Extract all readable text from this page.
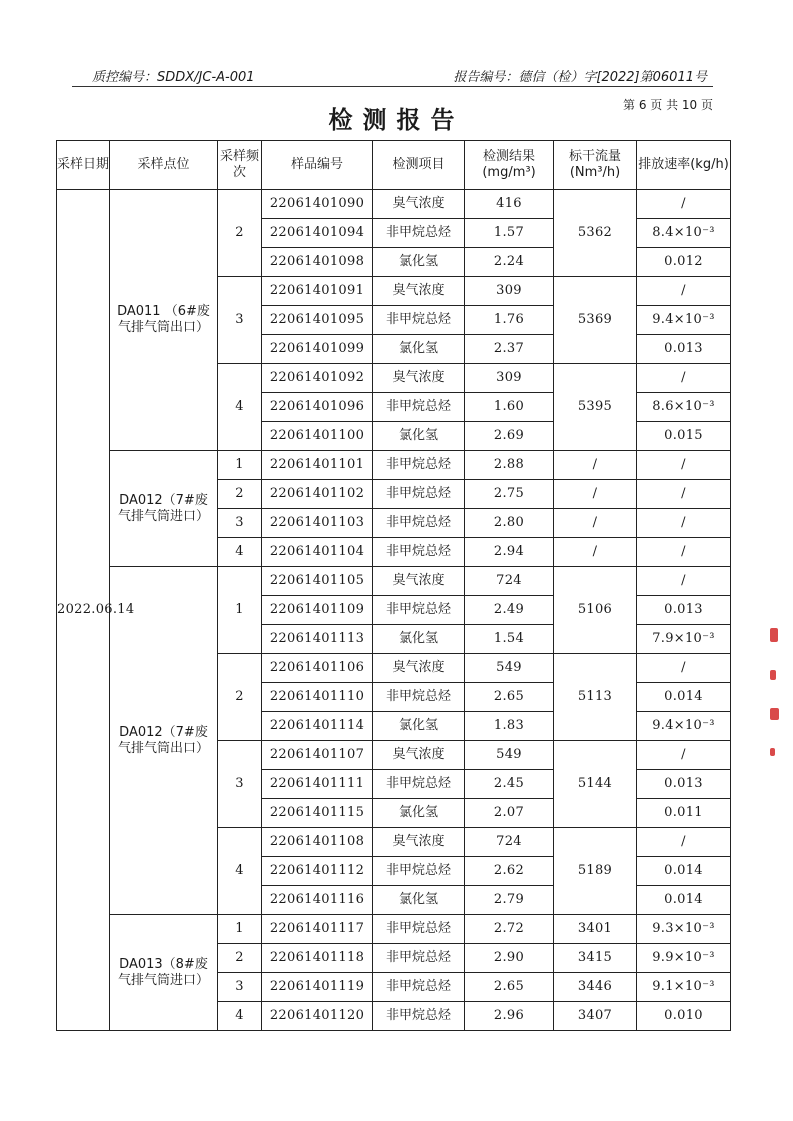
质控编号：SDDX/JC-A-001	报告编号：德信（检）字[2022]第06011号
检测报告
第 6 页 共 10 页
采样日期	采样点位	采样频次	样品编号	检测项目	检测结果(mg/m³)	标干流量(Nm³/h)	排放速率(kg/h)
2022.06.14	DA011 （6#废气排气筒出口）	2	22061401090	臭气浓度	416	5362	/
			22061401094	非甲烷总烃	1.57		8.4×10⁻³
			22061401098	氯化氢	2.24		0.012
		3	22061401091	臭气浓度	309	5369	/
			22061401095	非甲烷总烃	1.76		9.4×10⁻³
			22061401099	氯化氢	2.37		0.013
		4	22061401092	臭气浓度	309	5395	/
			22061401096	非甲烷总烃	1.60		8.6×10⁻³
			22061401100	氯化氢	2.69		0.015
	DA012（7#废气排气筒进口）	1	22061401101	非甲烷总烃	2.88	/	/
		2	22061401102	非甲烷总烃	2.75	/	/
		3	22061401103	非甲烷总烃	2.80	/	/
		4	22061401104	非甲烷总烃	2.94	/	/
	DA012（7#废气排气筒出口）	1	22061401105	臭气浓度	724	5106	/
			22061401109	非甲烷总烃	2.49		0.013
			22061401113	氯化氢	1.54		7.9×10⁻³
		2	22061401106	臭气浓度	549	5113	/
			22061401110	非甲烷总烃	2.65		0.014
			22061401114	氯化氢	1.83		9.4×10⁻³
		3	22061401107	臭气浓度	549	5144	/
			22061401111	非甲烷总烃	2.45		0.013
			22061401115	氯化氢	2.07		0.011
		4	22061401108	臭气浓度	724	5189	/
			22061401112	非甲烷总烃	2.62		0.014
			22061401116	氯化氢	2.79		0.014
	DA013（8#废气排气筒进口）	1	22061401117	非甲烷总烃	2.72	3401	9.3×10⁻³
		2	22061401118	非甲烷总烃	2.90	3415	9.9×10⁻³
		3	22061401119	非甲烷总烃	2.65	3446	9.1×10⁻³
		4	22061401120	非甲烷总烃	2.96	3407	0.010
